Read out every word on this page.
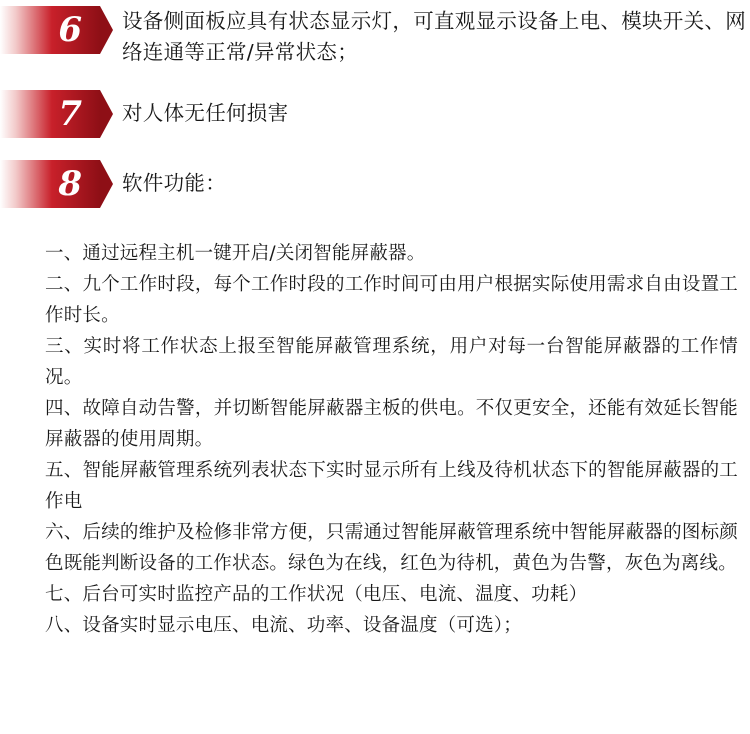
6	设备侧面板应具有状态显示灯，可直观显示设备上电、模块开关、网络连通等正常/异常状态；
7	对人体无任何损害
8	软件功能：

一、通过远程主机一键开启/关闭智能屏蔽器。

二、九个工作时段，每个工作时段的工作时间可由用户根据实际使用需求自由设置工作时长。

三、实时将工作状态上报至智能屏蔽管理系统，用户对每一台智能屏蔽器的工作情况。

四、故障自动告警，并切断智能屏蔽器主板的供电。不仅更安全，还能有效延长智能屏蔽器的使用周期。

五、智能屏蔽管理系统列表状态下实时显示所有上线及待机状态下的智能屏蔽器的工作电

六、后续的维护及检修非常方便，只需通过智能屏蔽管理系统中智能屏蔽器的图标颜色既能判断设备的工作状态。绿色为在线，红色为待机，黄色为告警，灰色为离线。

七、后台可实时监控产品的工作状况（电压、电流、温度、功耗）

八、设备实时显示电压、电流、功率、设备温度（可选）；
